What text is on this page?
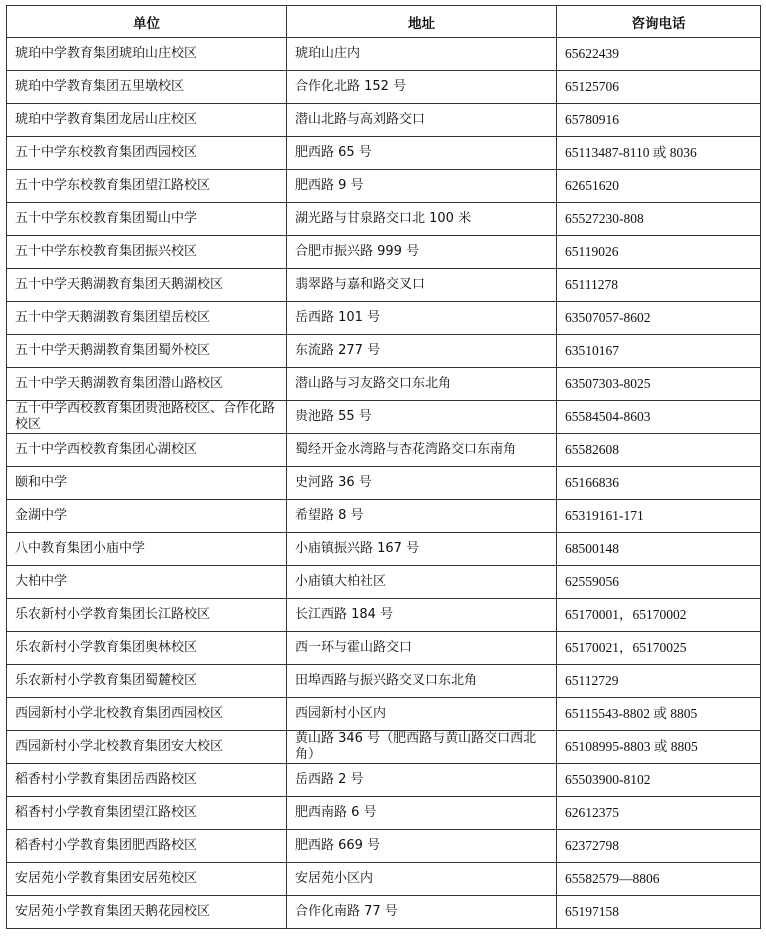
单位	地址	咨询电话
琥珀中学教育集团琥珀山庄校区	琥珀山庄内	65622439
琥珀中学教育集团五里墩校区	合作化北路 152 号	65125706
琥珀中学教育集团龙居山庄校区	潜山北路与高刘路交口	65780916
五十中学东校教育集团西园校区	肥西路 65 号	65113487-8110 或 8036
五十中学东校教育集团望江路校区	肥西路 9 号	62651620
五十中学东校教育集团蜀山中学	湖光路与甘泉路交口北 100 米	65527230-808
五十中学东校教育集团振兴校区	合肥市振兴路 999 号	65119026
五十中学天鹅湖教育集团天鹅湖校区	翡翠路与嘉和路交叉口	65111278
五十中学天鹅湖教育集团望岳校区	岳西路 101 号	63507057-8602
五十中学天鹅湖教育集团蜀外校区	东流路 277 号	63510167
五十中学天鹅湖教育集团潜山路校区	潜山路与习友路交口东北角	63507303-8025
五十中学西校教育集团贵池路校区、合作化路校区	贵池路 55 号	65584504-8603
五十中学西校教育集团心湖校区	蜀经开金水湾路与杏花湾路交口东南角	65582608
颐和中学	史河路 36 号	65166836
金湖中学	希望路 8 号	65319161-171
八中教育集团小庙中学	小庙镇振兴路 167 号	68500148
大柏中学	小庙镇大柏社区	62559056
乐农新村小学教育集团长江路校区	长江西路 184 号	65170001，65170002
乐农新村小学教育集团奥林校区	西一环与霍山路交口	65170021，65170025
乐农新村小学教育集团蜀麓校区	田埠西路与振兴路交叉口东北角	65112729
西园新村小学北校教育集团西园校区	西园新村小区内	65115543-8802 或 8805
西园新村小学北校教育集团安大校区	黄山路 346 号（肥西路与黄山路交口西北角）	65108995-8803 或 8805
稻香村小学教育集团岳西路校区	岳西路 2 号	65503900-8102
稻香村小学教育集团望江路校区	肥西南路 6 号	62612375
稻香村小学教育集团肥西路校区	肥西路 669 号	62372798
安居苑小学教育集团安居苑校区	安居苑小区内	65582579—8806
安居苑小学教育集团天鹅花园校区	合作化南路 77 号	65197158
